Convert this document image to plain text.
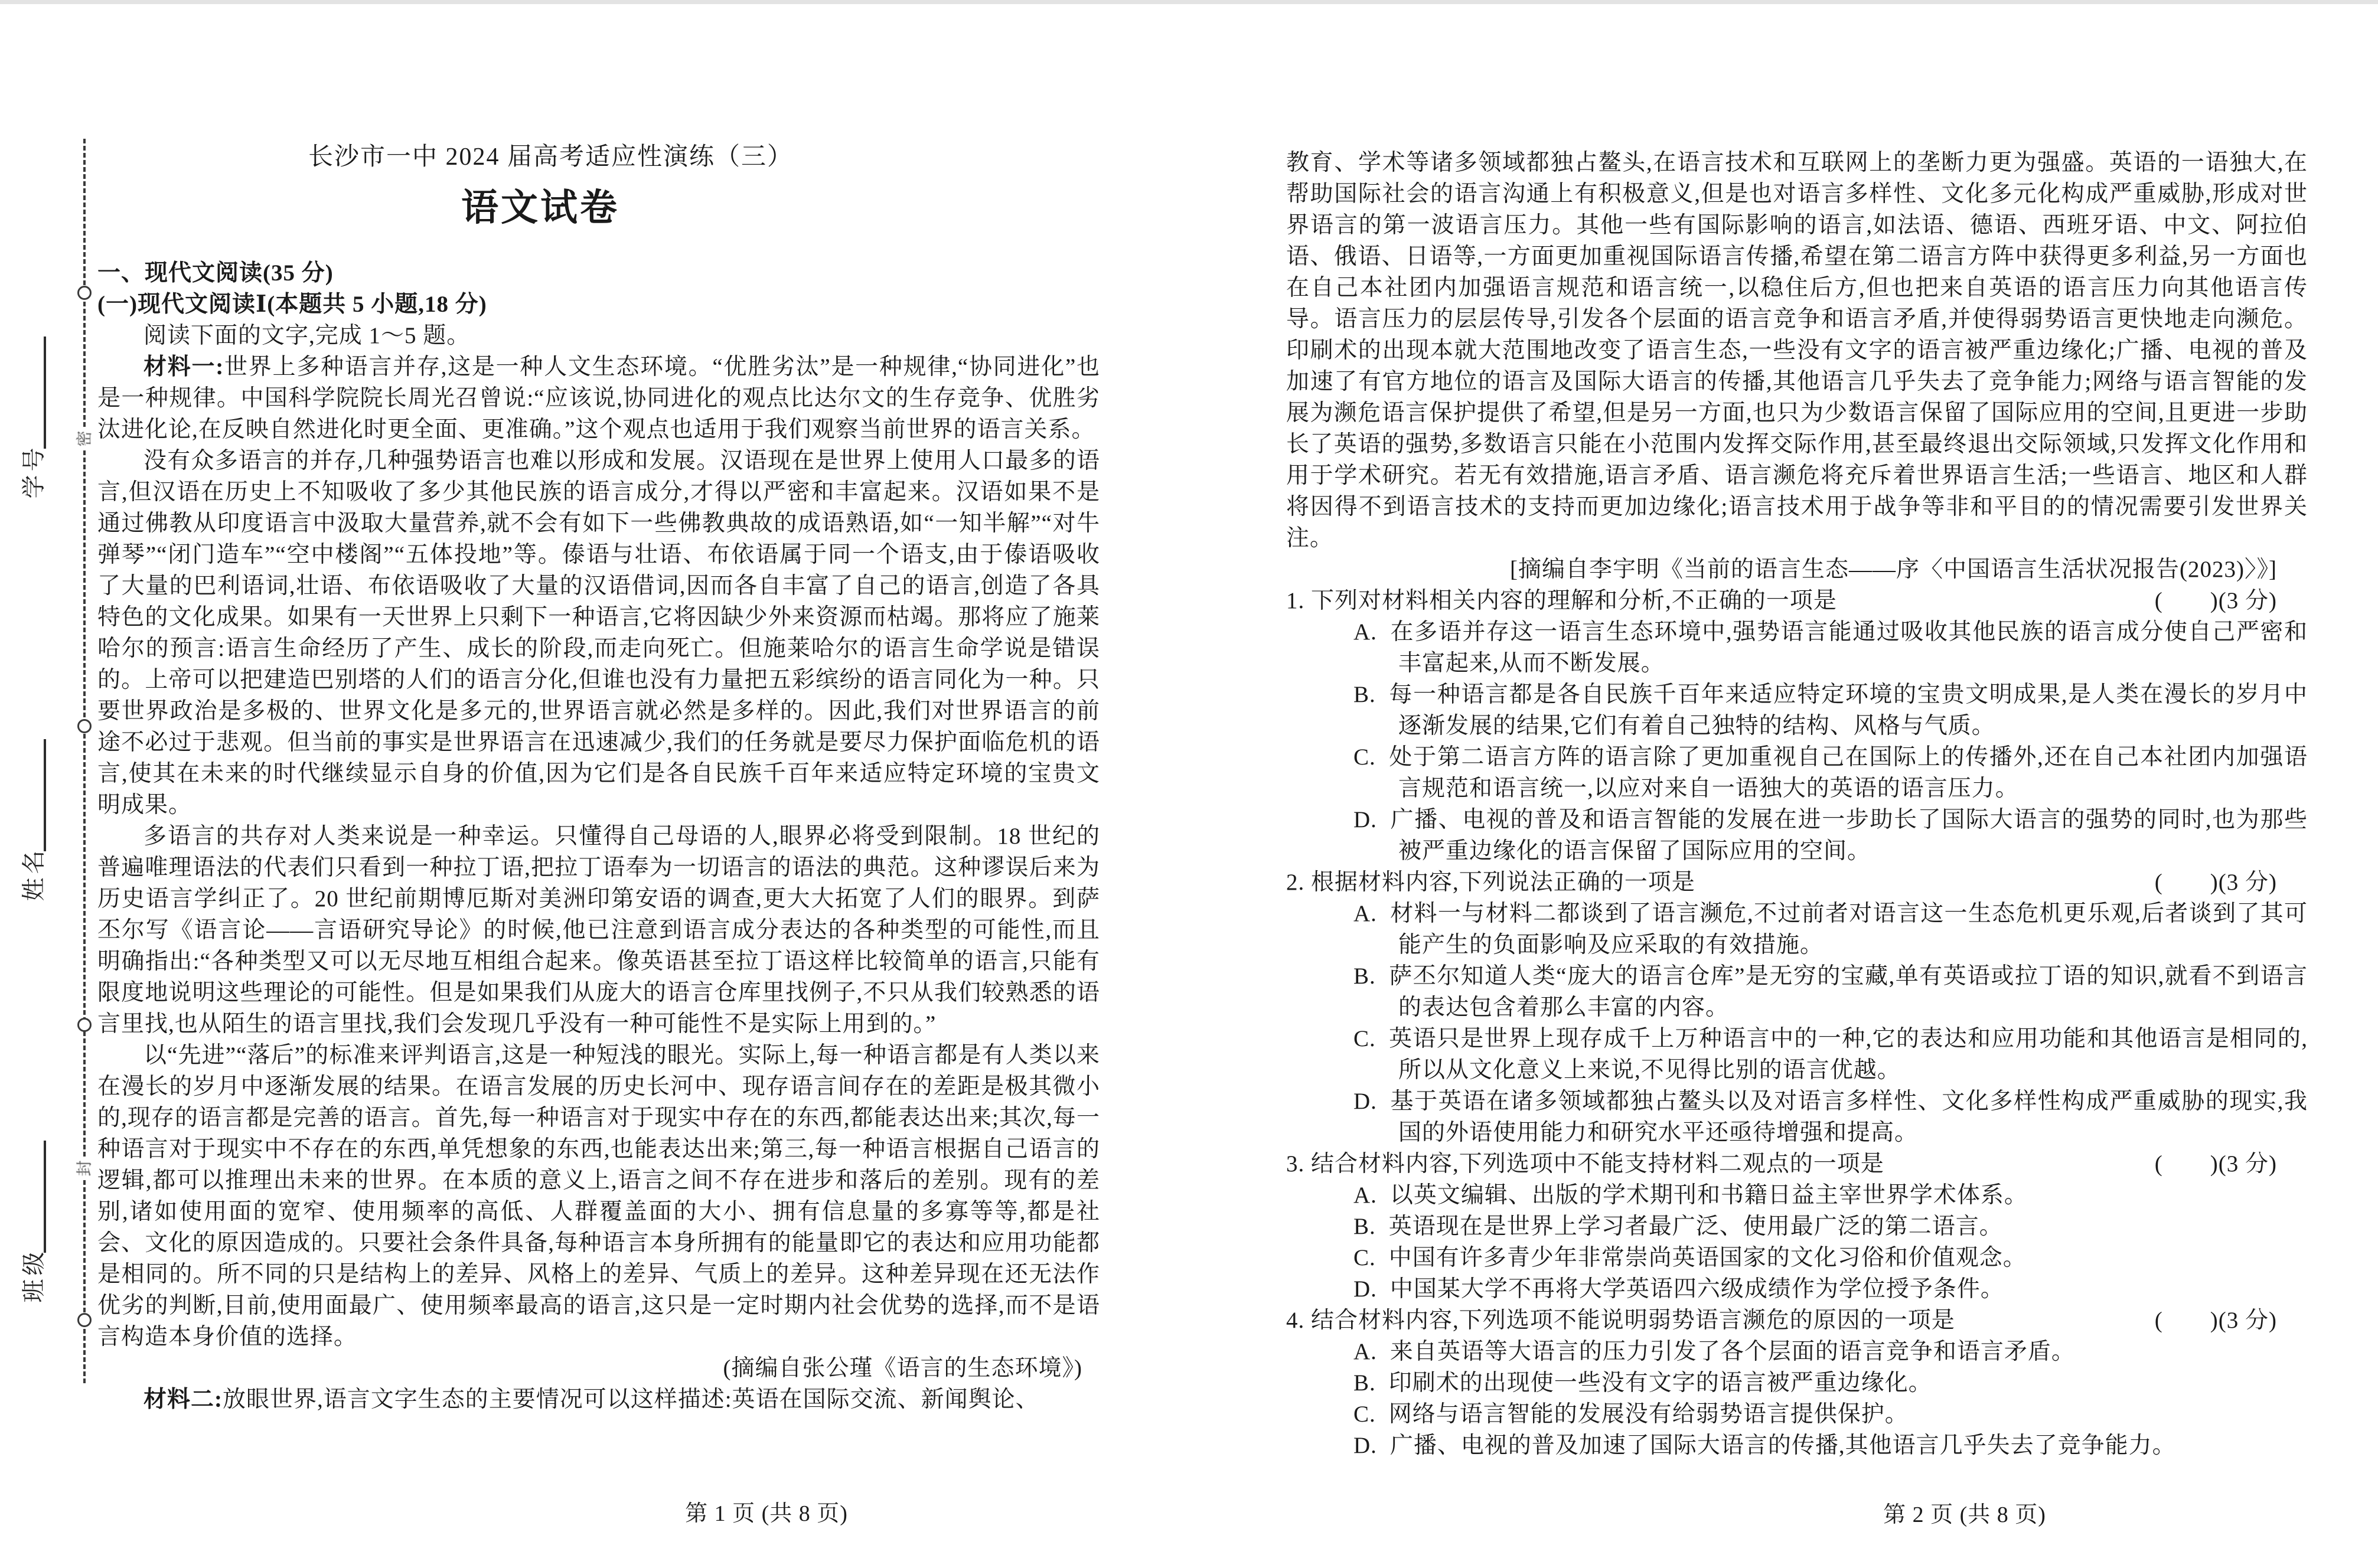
密
封
学号
姓名
班级
长沙市一中 2024 届高考适应性演练（三）
语文试卷
一、现代文阅读(35 分)
(一)现代文阅读Ⅰ(本题共 5 小题,18 分)

阅读下面的文字,完成 1～5 题。

材料一:世界上多种语言并存,这是一种人文生态环境。“优胜劣汰”是一种规律,“协同进化”也是一种规律。中国科学院院长周光召曾说:“应该说,协同进化的观点比达尔文的生存竞争、优胜劣汰进化论,在反映自然进化时更全面、更准确。”这个观点也适用于我们观察当前世界的语言关系。

没有众多语言的并存,几种强势语言也难以形成和发展。汉语现在是世界上使用人口最多的语言,但汉语在历史上不知吸收了多少其他民族的语言成分,才得以严密和丰富起来。汉语如果不是通过佛教从印度语言中汲取大量营养,就不会有如下一些佛教典故的成语熟语,如“一知半解”“对牛弹琴”“闭门造车”“空中楼阁”“五体投地”等。傣语与壮语、布依语属于同一个语支,由于傣语吸收了大量的巴利语词,壮语、布依语吸收了大量的汉语借词,因而各自丰富了自己的语言,创造了各具特色的文化成果。如果有一天世界上只剩下一种语言,它将因缺少外来资源而枯竭。那将应了施莱哈尔的预言:语言生命经历了产生、成长的阶段,而走向死亡。但施莱哈尔的语言生命学说是错误的。上帝可以把建造巴别塔的人们的语言分化,但谁也没有力量把五彩缤纷的语言同化为一种。只要世界政治是多极的、世界文化是多元的,世界语言就必然是多样的。因此,我们对世界语言的前途不必过于悲观。但当前的事实是世界语言在迅速减少,我们的任务就是要尽力保护面临危机的语言,使其在未来的时代继续显示自身的价值,因为它们是各自民族千百年来适应特定环境的宝贵文明成果。

多语言的共存对人类来说是一种幸运。只懂得自己母语的人,眼界必将受到限制。18 世纪的普遍唯理语法的代表们只看到一种拉丁语,把拉丁语奉为一切语言的语法的典范。这种谬误后来为历史语言学纠正了。20 世纪前期博厄斯对美洲印第安语的调查,更大大拓宽了人们的眼界。到萨丕尔写《语言论——言语研究导论》的时候,他已注意到语言成分表达的各种类型的可能性,而且明确指出:“各种类型又可以无尽地互相组合起来。像英语甚至拉丁语这样比较简单的语言,只能有限度地说明这些理论的可能性。但是如果我们从庞大的语言仓库里找例子,不只从我们较熟悉的语言里找,也从陌生的语言里找,我们会发现几乎没有一种可能性不是实际上用到的。”

以“先进”“落后”的标准来评判语言,这是一种短浅的眼光。实际上,每一种语言都是有人类以来在漫长的岁月中逐渐发展的结果。在语言发展的历史长河中、现存语言间存在的差距是极其微小的,现存的语言都是完善的语言。首先,每一种语言对于现实中存在的东西,都能表达出来;其次,每一种语言对于现实中不存在的东西,单凭想象的东西,也能表达出来;第三,每一种语言根据自己语言的逻辑,都可以推理出未来的世界。在本质的意义上,语言之间不存在进步和落后的差别。现有的差别,诸如使用面的宽窄、使用频率的高低、人群覆盖面的大小、拥有信息量的多寡等等,都是社会、文化的原因造成的。只要社会条件具备,每种语言本身所拥有的能量即它的表达和应用功能都是相同的。所不同的只是结构上的差异、风格上的差异、气质上的差异。这种差异现在还无法作优劣的判断,目前,使用面最广、使用频率最高的语言,这只是一定时期内社会优势的选择,而不是语言构造本身价值的选择。

(摘编自张公瑾《语言的生态环境》)

材料二:放眼世界,语言文字生态的主要情况可以这样描述:英语在国际交流、新闻舆论、

第 1 页 (共 8 页)

教育、学术等诸多领域都独占鳌头,在语言技术和互联网上的垄断力更为强盛。英语的一语独大,在帮助国际社会的语言沟通上有积极意义,但是也对语言多样性、文化多元化构成严重威胁,形成对世界语言的第一波语言压力。其他一些有国际影响的语言,如法语、德语、西班牙语、中文、阿拉伯语、俄语、日语等,一方面更加重视国际语言传播,希望在第二语言方阵中获得更多利益,另一方面也在自己本社团内加强语言规范和语言统一,以稳住后方,但也把来自英语的语言压力向其他语言传导。语言压力的层层传导,引发各个层面的语言竞争和语言矛盾,并使得弱势语言更快地走向濒危。印刷术的出现本就大范围地改变了语言生态,一些没有文字的语言被严重边缘化;广播、电视的普及加速了有官方地位的语言及国际大语言的传播,其他语言几乎失去了竞争能力;网络与语言智能的发展为濒危语言保护提供了希望,但是另一方面,也只为少数语言保留了国际应用的空间,且更进一步助长了英语的强势,多数语言只能在小范围内发挥交际作用,甚至最终退出交际领域,只发挥文化作用和用于学术研究。若无有效措施,语言矛盾、语言濒危将充斥着世界语言生活;一些语言、地区和人群将因得不到语言技术的支持而更加边缘化;语言技术用于战争等非和平目的的情况需要引发世界关注。

[摘编自李宇明《当前的语言生态——序〈中国语言生活状况报告(2023)〉》]

1. 下列对材料相关内容的理解和分析,不正确的一项是	(　　)(3 分)

A. 在多语并存这一语言生态环境中,强势语言能通过吸收其他民族的语言成分使自己严密和丰富起来,从而不断发展。

B. 每一种语言都是各自民族千百年来适应特定环境的宝贵文明成果,是人类在漫长的岁月中逐渐发展的结果,它们有着自己独特的结构、风格与气质。

C. 处于第二语言方阵的语言除了更加重视自己在国际上的传播外,还在自己本社团内加强语言规范和语言统一,以应对来自一语独大的英语的语言压力。

D. 广播、电视的普及和语言智能的发展在进一步助长了国际大语言的强势的同时,也为那些被严重边缘化的语言保留了国际应用的空间。

2. 根据材料内容,下列说法正确的一项是	(　　)(3 分)

A. 材料一与材料二都谈到了语言濒危,不过前者对语言这一生态危机更乐观,后者谈到了其可能产生的负面影响及应采取的有效措施。

B. 萨丕尔知道人类“庞大的语言仓库”是无穷的宝藏,单有英语或拉丁语的知识,就看不到语言的表达包含着那么丰富的内容。

C. 英语只是世界上现存成千上万种语言中的一种,它的表达和应用功能和其他语言是相同的,所以从文化意义上来说,不见得比别的语言优越。

D. 基于英语在诸多领域都独占鳌头以及对语言多样性、文化多样性构成严重威胁的现实,我国的外语使用能力和研究水平还亟待增强和提高。

3. 结合材料内容,下列选项中不能支持材料二观点的一项是	(　　)(3 分)

A. 以英文编辑、出版的学术期刊和书籍日益主宰世界学术体系。

B. 英语现在是世界上学习者最广泛、使用最广泛的第二语言。

C. 中国有许多青少年非常崇尚英语国家的文化习俗和价值观念。

D. 中国某大学不再将大学英语四六级成绩作为学位授予条件。

4. 结合材料内容,下列选项不能说明弱势语言濒危的原因的一项是	(　　)(3 分)

A. 来自英语等大语言的压力引发了各个层面的语言竞争和语言矛盾。

B. 印刷术的出现使一些没有文字的语言被严重边缘化。

C. 网络与语言智能的发展没有给弱势语言提供保护。

D. 广播、电视的普及加速了国际大语言的传播,其他语言几乎失去了竞争能力。

第 2 页 (共 8 页)
